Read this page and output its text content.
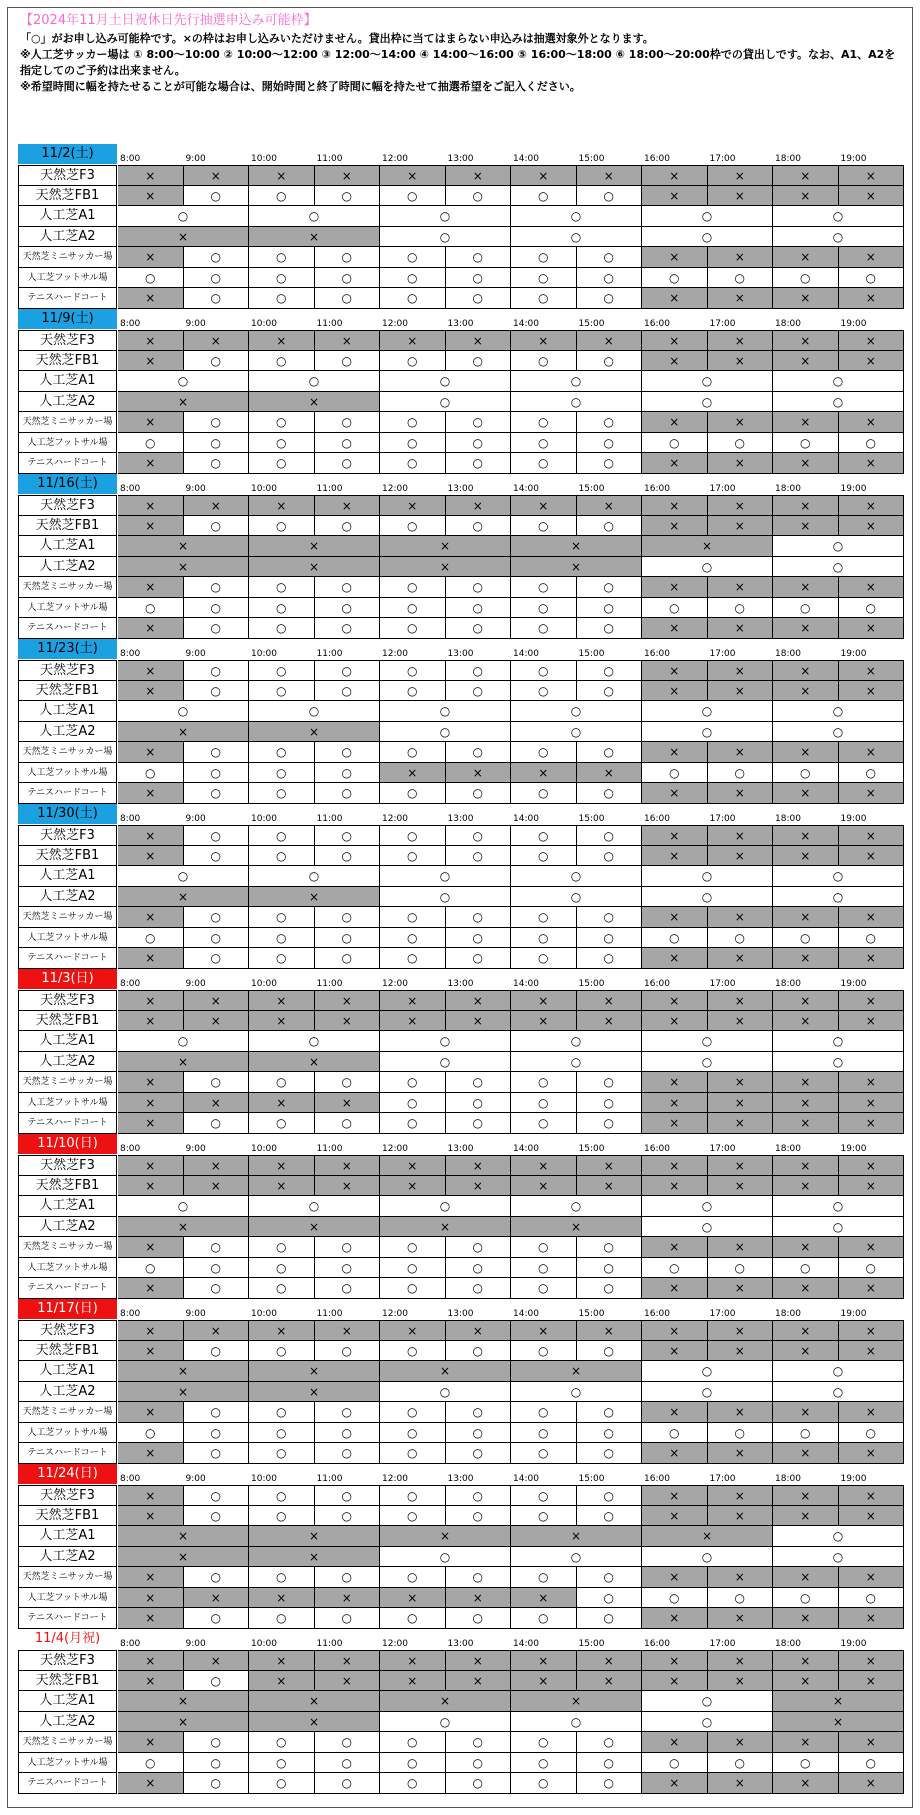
【2024年11月土日祝休日先行抽選申込み可能枠】
「○」がお申し込み可能枠です。×の枠はお申し込みいただけません。貸出枠に当てはまらない申込みは抽選対象外となります。
※人工芝サッカー場は ① 8:00～10:00 ② 10:00～12:00 ③ 12:00～14:00 ④ 14:00～16:00 ⑤ 16:00～18:00 ⑥ 18:00～20:00枠での貸出しです。なお、A1、A2を
指定してのご予約は出来ません。
※希望時間に幅を持たせることが可能な場合は、開始時間と終了時間に幅を持たせて抽選希望をご記入ください。
11/2(土)	8:00	9:00	10:00	11:00	12:00	13:00	14:00	15:00	16:00	17:00	18:00	19:00
天然芝F3	×	×	×	×	×	×	×	×	×	×	×	×
天然芝FB1	×	○	○	○	○	○	○	○	×	×	×	×
人工芝A1	○	○	○	○	○	○
人工芝A2	×	×	○	○	○	○
天然芝ミニサッカー場	×	○	○	○	○	○	○	○	×	×	×	×
人工芝フットサル場	○	○	○	○	○	○	○	○	○	○	○	○
テニスハードコート	×	○	○	○	○	○	○	○	×	×	×	×
11/9(土)	8:00	9:00	10:00	11:00	12:00	13:00	14:00	15:00	16:00	17:00	18:00	19:00
天然芝F3	×	×	×	×	×	×	×	×	×	×	×	×
天然芝FB1	×	○	○	○	○	○	○	○	×	×	×	×
人工芝A1	○	○	○	○	○	○
人工芝A2	×	×	○	○	○	○
天然芝ミニサッカー場	×	○	○	○	○	○	○	○	×	×	×	×
人工芝フットサル場	○	○	○	○	○	○	○	○	○	○	○	○
テニスハードコート	×	○	○	○	○	○	○	○	×	×	×	×
11/16(土)	8:00	9:00	10:00	11:00	12:00	13:00	14:00	15:00	16:00	17:00	18:00	19:00
天然芝F3	×	×	×	×	×	×	×	×	×	×	×	×
天然芝FB1	×	○	○	○	○	○	○	○	×	×	×	×
人工芝A1	×	×	×	×	×	○
人工芝A2	×	×	×	×	○	○
天然芝ミニサッカー場	×	○	○	○	○	○	○	○	×	×	×	×
人工芝フットサル場	○	○	○	○	○	○	○	○	○	○	○	○
テニスハードコート	×	○	○	○	○	○	○	○	×	×	×	×
11/23(土)	8:00	9:00	10:00	11:00	12:00	13:00	14:00	15:00	16:00	17:00	18:00	19:00
天然芝F3	×	○	○	○	○	○	○	○	×	×	×	×
天然芝FB1	×	○	○	○	○	○	○	○	×	×	×	×
人工芝A1	○	○	○	○	○	○
人工芝A2	×	×	○	○	○	○
天然芝ミニサッカー場	×	○	○	○	○	○	○	○	×	×	×	×
人工芝フットサル場	○	○	○	○	×	×	×	×	○	○	○	○
テニスハードコート	×	○	○	○	○	○	○	○	×	×	×	×
11/30(土)	8:00	9:00	10:00	11:00	12:00	13:00	14:00	15:00	16:00	17:00	18:00	19:00
天然芝F3	×	○	○	○	○	○	○	○	×	×	×	×
天然芝FB1	×	○	○	○	○	○	○	○	×	×	×	×
人工芝A1	○	○	○	○	○	○
人工芝A2	×	×	○	○	○	○
天然芝ミニサッカー場	×	○	○	○	○	○	○	○	×	×	×	×
人工芝フットサル場	○	○	○	○	○	○	○	○	○	○	○	○
テニスハードコート	×	○	○	○	○	○	○	○	×	×	×	×
11/3(日)	8:00	9:00	10:00	11:00	12:00	13:00	14:00	15:00	16:00	17:00	18:00	19:00
天然芝F3	×	×	×	×	×	×	×	×	×	×	×	×
天然芝FB1	×	×	×	×	×	×	×	×	×	×	×	×
人工芝A1	○	○	○	○	○	○
人工芝A2	×	×	○	○	○	○
天然芝ミニサッカー場	×	○	○	○	○	○	○	○	×	×	×	×
人工芝フットサル場	×	×	×	×	○	○	○	○	×	×	×	×
テニスハードコート	×	○	○	○	○	○	○	○	×	×	×	×
11/10(日)	8:00	9:00	10:00	11:00	12:00	13:00	14:00	15:00	16:00	17:00	18:00	19:00
天然芝F3	×	×	×	×	×	×	×	×	×	×	×	×
天然芝FB1	×	×	×	×	×	×	×	×	×	×	×	×
人工芝A1	○	○	○	○	○	○
人工芝A2	×	×	×	×	○	○
天然芝ミニサッカー場	×	○	○	○	○	○	○	○	×	×	×	×
人工芝フットサル場	○	○	○	○	○	○	○	○	○	○	○	○
テニスハードコート	×	○	○	○	○	○	○	○	×	×	×	×
11/17(日)	8:00	9:00	10:00	11:00	12:00	13:00	14:00	15:00	16:00	17:00	18:00	19:00
天然芝F3	×	×	×	×	×	×	×	×	×	×	×	×
天然芝FB1	×	○	○	○	○	○	○	○	×	×	×	×
人工芝A1	×	×	×	×	○	○
人工芝A2	×	×	○	○	○	○
天然芝ミニサッカー場	×	○	○	○	○	○	○	○	×	×	×	×
人工芝フットサル場	○	○	○	○	○	○	○	○	○	○	○	○
テニスハードコート	×	○	○	○	○	○	○	○	×	×	×	×
11/24(日)	8:00	9:00	10:00	11:00	12:00	13:00	14:00	15:00	16:00	17:00	18:00	19:00
天然芝F3	×	○	○	○	○	○	○	○	×	×	×	×
天然芝FB1	×	○	○	○	○	○	○	○	×	×	×	×
人工芝A1	×	×	×	×	×	○
人工芝A2	×	×	○	○	○	○
天然芝ミニサッカー場	×	○	○	○	○	○	○	○	×	×	×	×
人工芝フットサル場	×	×	×	×	×	×	×	○	○	○	○	○
テニスハードコート	×	○	○	○	○	○	○	○	×	×	×	×
11/4(月祝)	8:00	9:00	10:00	11:00	12:00	13:00	14:00	15:00	16:00	17:00	18:00	19:00
天然芝F3	×	×	×	×	×	×	×	×	×	×	×	×
天然芝FB1	×	○	×	×	×	×	×	×	×	×	×	×
人工芝A1	×	×	×	×	○	×
人工芝A2	×	×	○	○	○	×
天然芝ミニサッカー場	×	○	○	○	○	○	○	○	×	×	×	×
人工芝フットサル場	○	○	○	○	○	○	○	○	○	○	○	○
テニスハードコート	×	○	○	○	○	○	○	○	×	×	×	×
